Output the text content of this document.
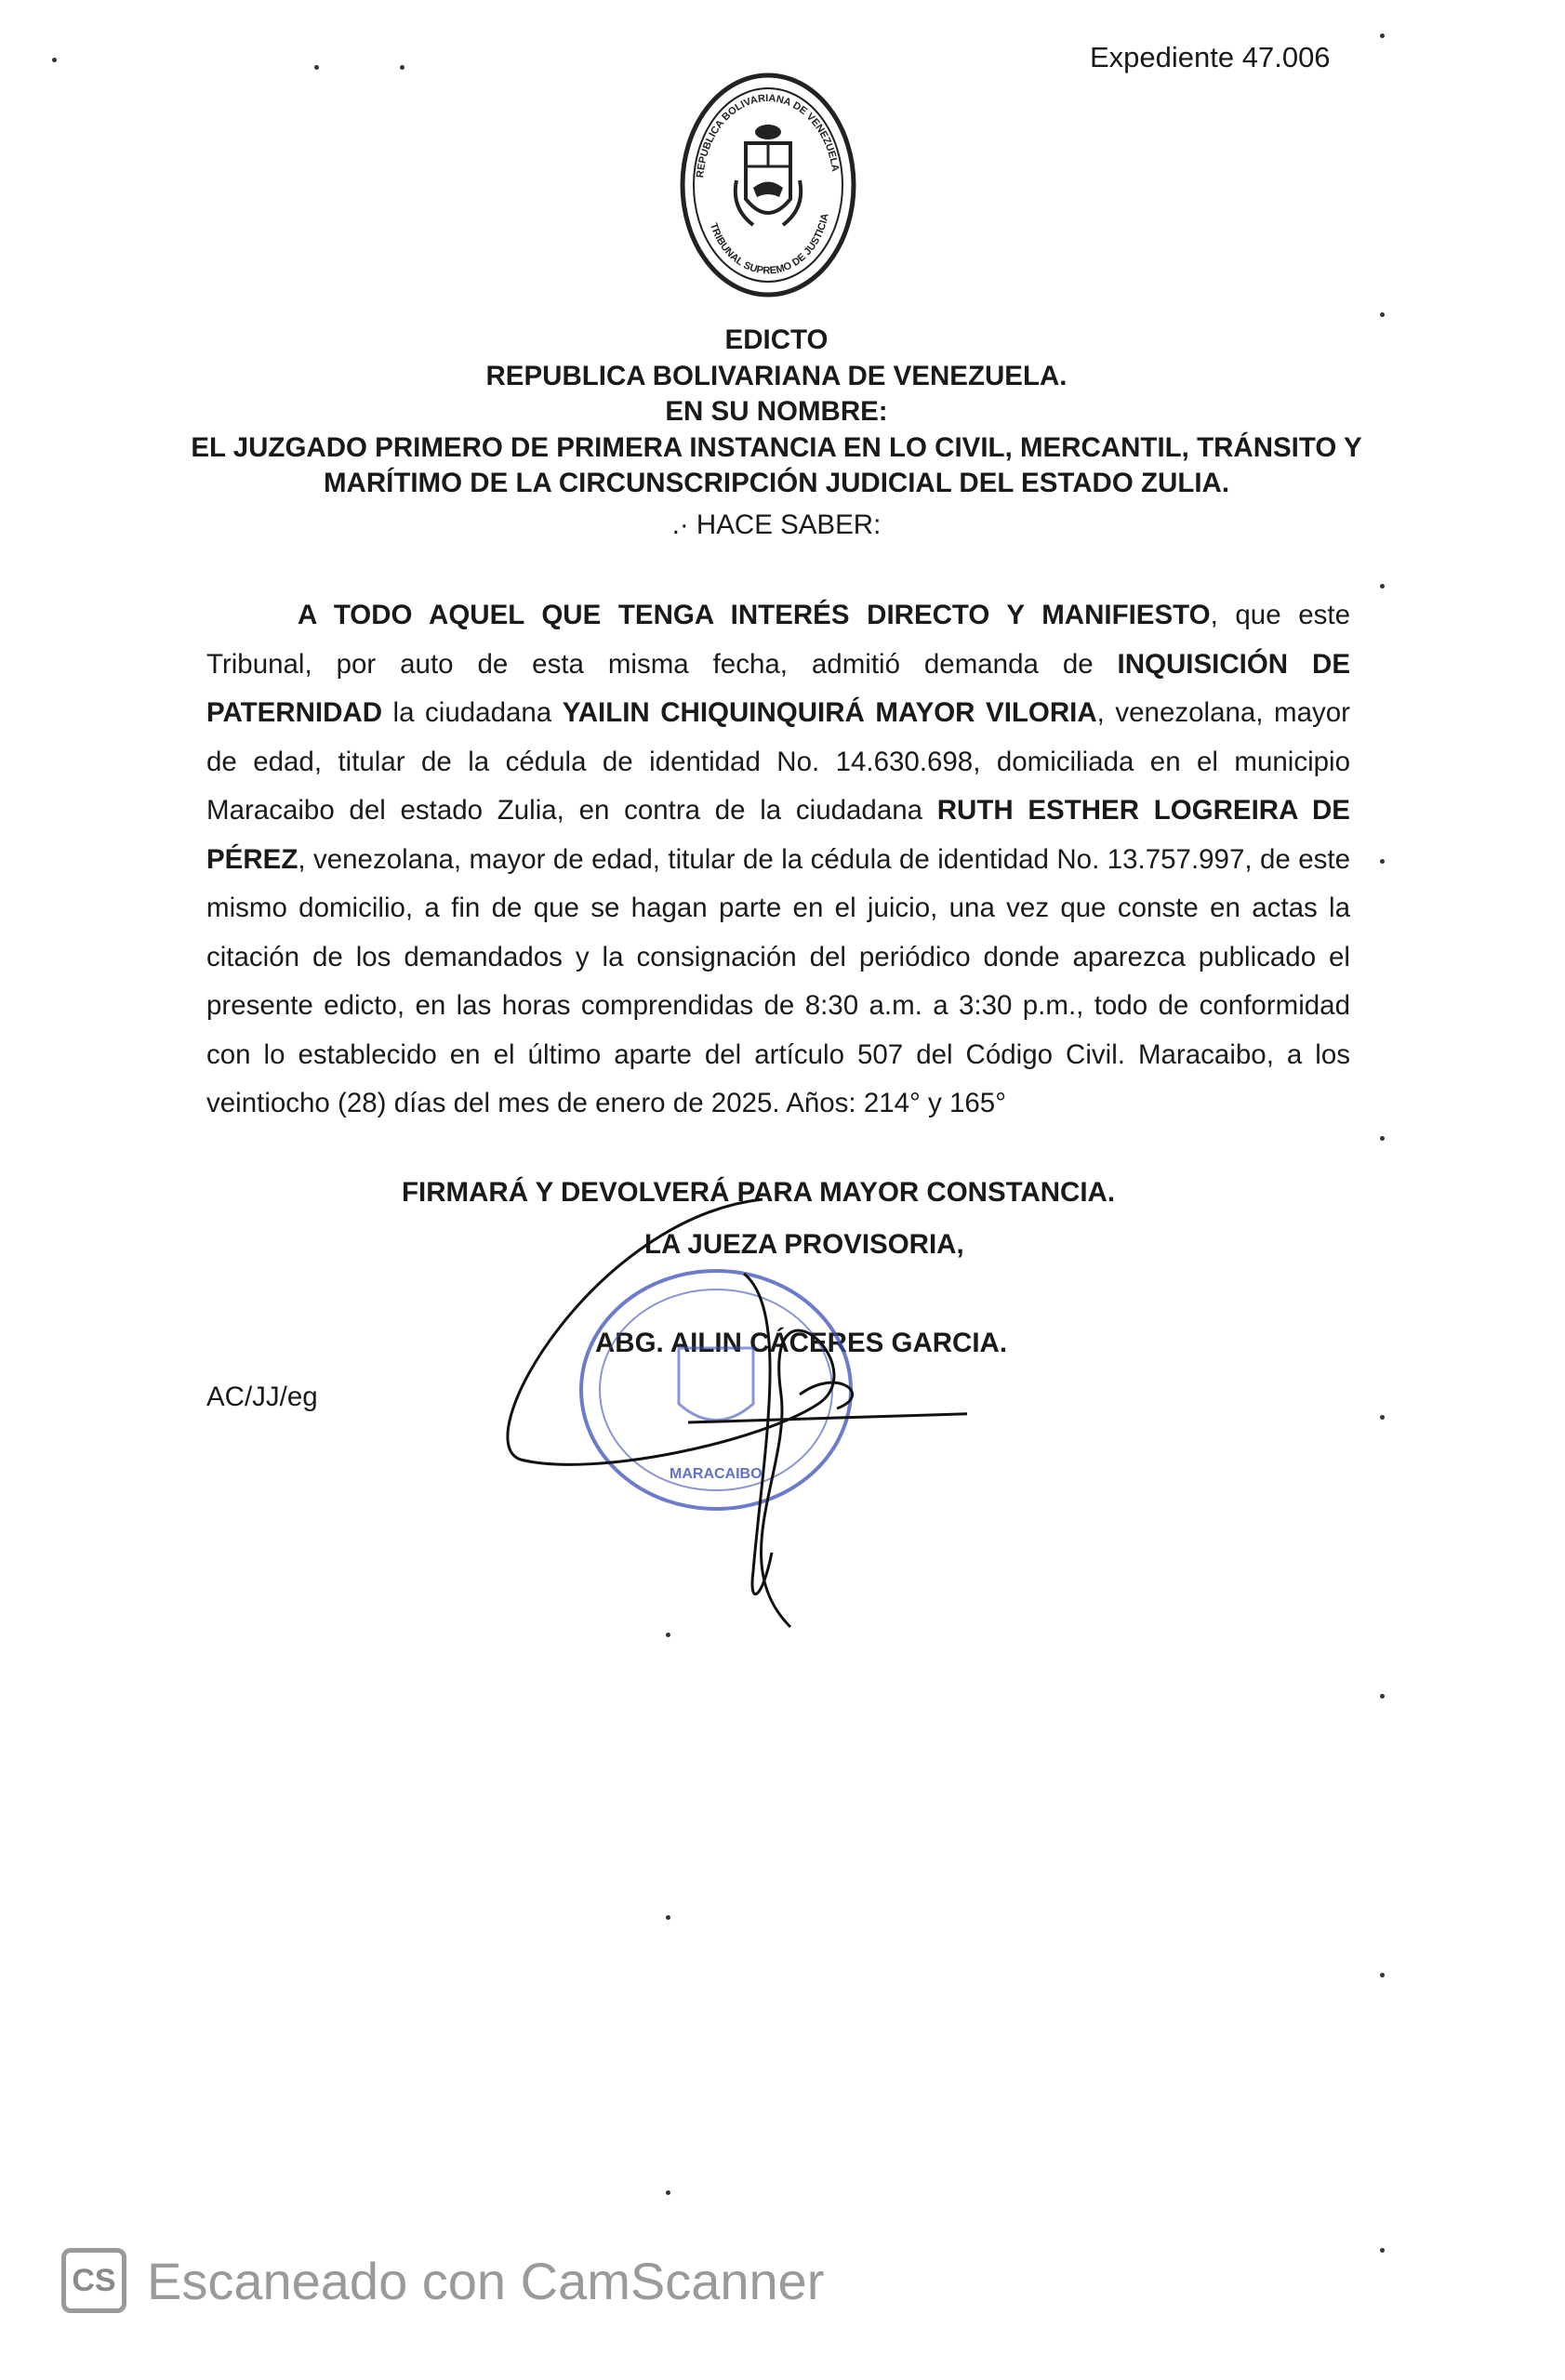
Expediente 47.006
REPUBLICA BOLIVARIANA DE VENEZUELA
TRIBUNAL SUPREMO DE JUSTICIA
EDICTO
REPUBLICA BOLIVARIANA DE VENEZUELA.
EN SU NOMBRE:
EL JUZGADO PRIMERO DE PRIMERA INSTANCIA EN LO CIVIL, MERCANTIL, TRÁNSITO Y
MARÍTIMO DE LA CIRCUNSCRIPCIÓN JUDICIAL DEL ESTADO ZULIA.
.· HACE SABER:
A TODO AQUEL QUE TENGA INTERÉS DIRECTO Y MANIFIESTO, que este Tribunal, por auto de esta misma fecha, admitió demanda de INQUISICIÓN DE PATERNIDAD la ciudadana YAILIN CHIQUINQUIRÁ MAYOR VILORIA, venezolana, mayor de edad, titular de la cédula de identidad No. 14.630.698, domiciliada en el municipio Maracaibo del estado Zulia, en contra de la ciudadana RUTH ESTHER LOGREIRA DE PÉREZ, venezolana, mayor de edad, titular de la cédula de identidad No. 13.757.997, de este mismo domicilio, a fin de que se hagan parte en el juicio, una vez que conste en actas la citación de los demandados y la consignación del periódico donde aparezca publicado el presente edicto, en las horas comprendidas de 8:30 a.m. a 3:30 p.m., todo de conformidad con lo establecido en el último aparte del artículo 507 del Código Civil. Maracaibo, a los veintiocho (28) días del mes de enero de 2025. Años: 214° y 165°
FIRMARÁ Y DEVOLVERÁ PARA MAYOR CONSTANCIA.
LA JUEZA PROVISORIA,
ABG. AILIN CÁCERES GARCIA.
AC/JJ/eg
MARACAIBO
CS Escaneado con CamScanner
